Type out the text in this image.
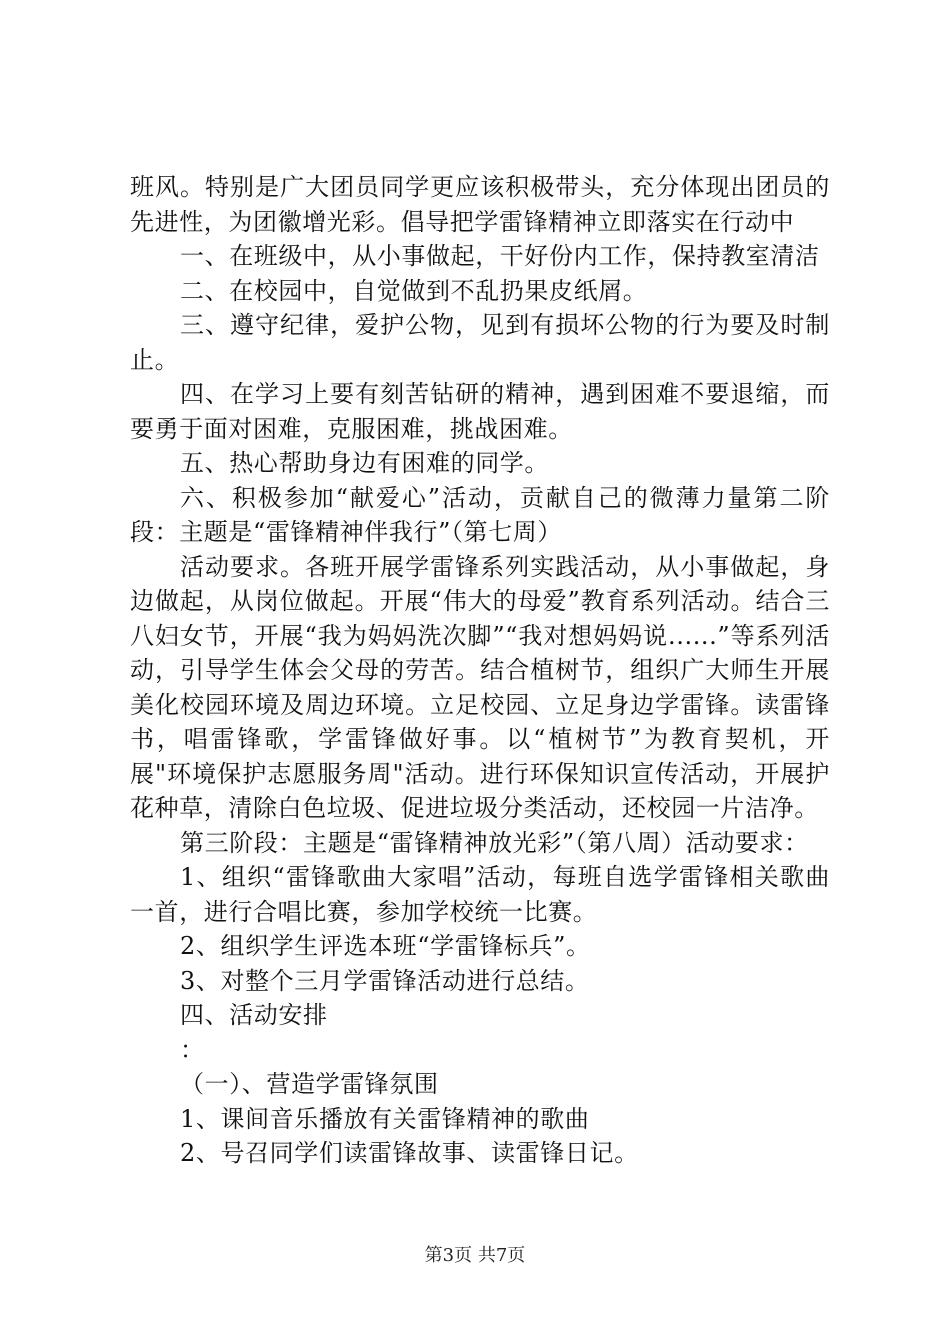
班风。特别是广大团员同学更应该积极带头，充分体现出团员的先进性，为团徽增光彩。倡导把学雷锋精神立即落实在行动中

一、在班级中，从小事做起，干好份内工作，保持教室清洁

二、在校园中，自觉做到不乱扔果皮纸屑。

三、遵守纪律，爱护公物，见到有损坏公物的行为要及时制止。

四、在学习上要有刻苦钻研的精神，遇到困难不要退缩，而要勇于面对困难，克服困难，挑战困难。

五、热心帮助身边有困难的同学。

六、积极参加“献爱心”活动，贡献自己的微薄力量第二阶段：主题是“雷锋精神伴我行”（第七周）

活动要求。各班开展学雷锋系列实践活动，从小事做起，身边做起，从岗位做起。开展“伟大的母爱”教育系列活动。结合三八妇女节，开展“我为妈妈洗次脚”“我对想妈妈说......”等系列活动，引导学生体会父母的劳苦。结合植树节，组织广大师生开展美化校园环境及周边环境。立足校园、立足身边学雷锋。读雷锋书，唱雷锋歌，学雷锋做好事。以“植树节”为教育契机，开展"环境保护志愿服务周"活动。进行环保知识宣传活动，开展护花种草，清除白色垃圾、促进垃圾分类活动，还校园一片洁净。

第三阶段：主题是“雷锋精神放光彩”（第八周）活动要求：

1、组织“雷锋歌曲大家唱”活动，每班自选学雷锋相关歌曲一首，进行合唱比赛，参加学校统一比赛。

2、组织学生评选本班“学雷锋标兵”。

3、对整个三月学雷锋活动进行总结。

四、活动安排

：

（一）、营造学雷锋氛围

1、课间音乐播放有关雷锋精神的歌曲

2、号召同学们读雷锋故事、读雷锋日记。

第3页 共7页
